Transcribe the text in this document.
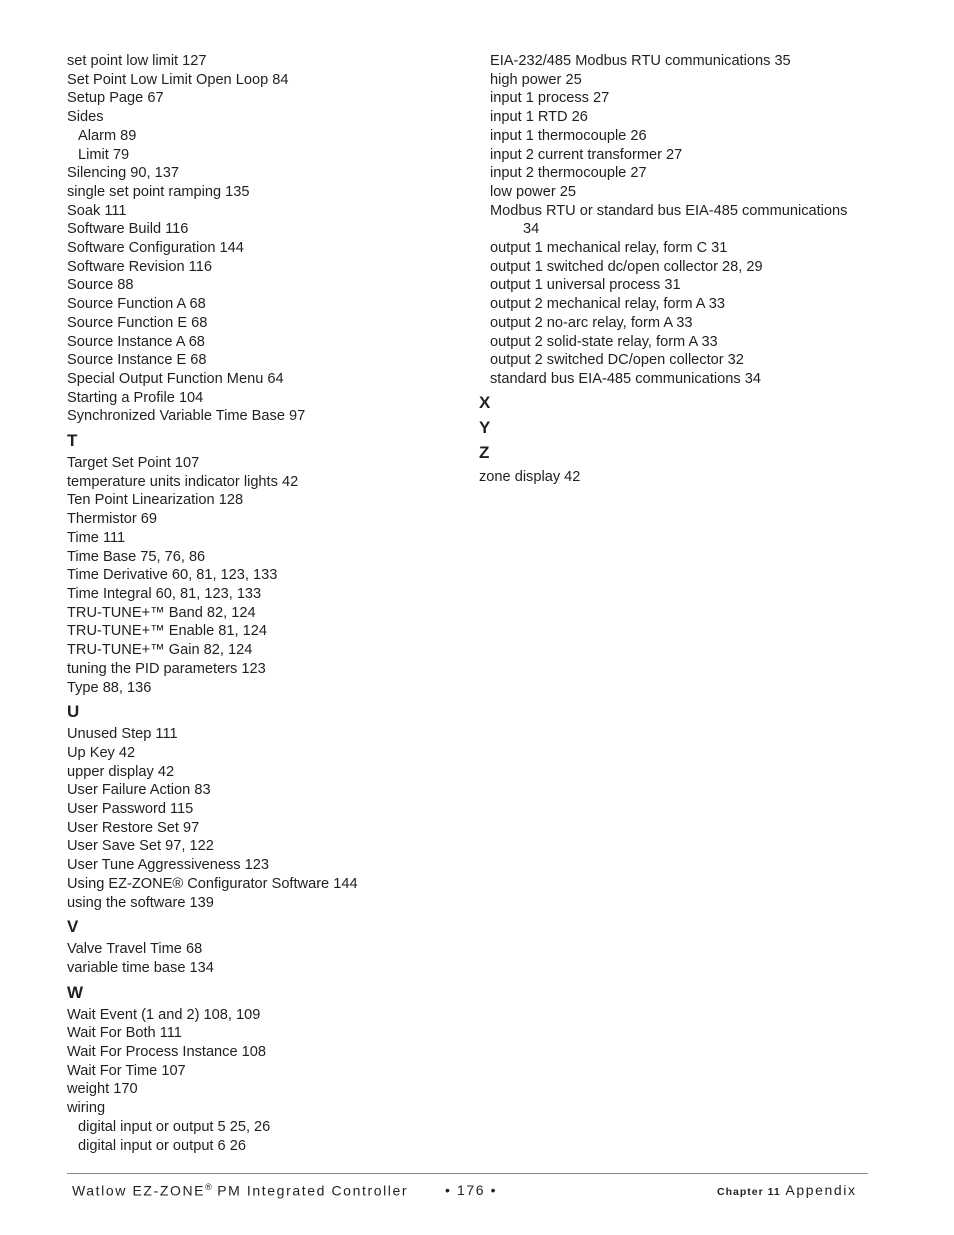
set point low limit 127
Set Point Low Limit Open Loop 84
Setup Page 67
Sides
Alarm 89
Limit 79
Silencing 90, 137
single set point ramping 135
Soak 111
Software Build 116
Software Configuration 144
Software Revision 116
Source 88
Source Function A 68
Source Function E 68
Source Instance A 68
Source Instance E 68
Special Output Function Menu 64
Starting a Profile 104
Synchronized Variable Time Base 97
T
Target Set Point 107
temperature units indicator lights 42
Ten Point Linearization 128
Thermistor 69
Time 111
Time Base 75, 76, 86
Time Derivative 60, 81, 123, 133
Time Integral 60, 81, 123, 133
TRU-TUNE+™ Band 82, 124
TRU-TUNE+™ Enable 81, 124
TRU-TUNE+™ Gain 82, 124
tuning the PID parameters 123
Type 88, 136
U
Unused Step 111
Up Key 42
upper display 42
User Failure Action 83
User Password 115
User Restore Set 97
User Save Set 97, 122
User Tune Aggressiveness 123
Using EZ-ZONE® Configurator Software 144
using the software 139
V
Valve Travel Time 68
variable time base 134
W
Wait Event (1 and 2) 108, 109
Wait For Both 111
Wait For Process Instance 108
Wait For Time 107
weight 170
wiring
digital input or output 5 25, 26
digital input or output 6 26
EIA-232/485 Modbus RTU communications 35
high power 25
input 1 process 27
input 1 RTD 26
input 1 thermocouple 26
input 2 current transformer 27
input 2 thermocouple 27
low power 25
Modbus RTU or standard bus EIA-485 communications
34
output 1 mechanical relay, form C 31
output 1 switched dc/open collector 28, 29
output 1 universal process 31
output 2 mechanical relay, form A 33
output 2 no-arc relay, form A 33
output 2 solid-state relay, form A 33
output 2 switched DC/open collector 32
standard bus EIA-485 communications 34
X
Y
Z
zone display 42
Watlow EZ-ZONE® PM Integrated Controller	• 176 •	Chapter 11 Appendix
